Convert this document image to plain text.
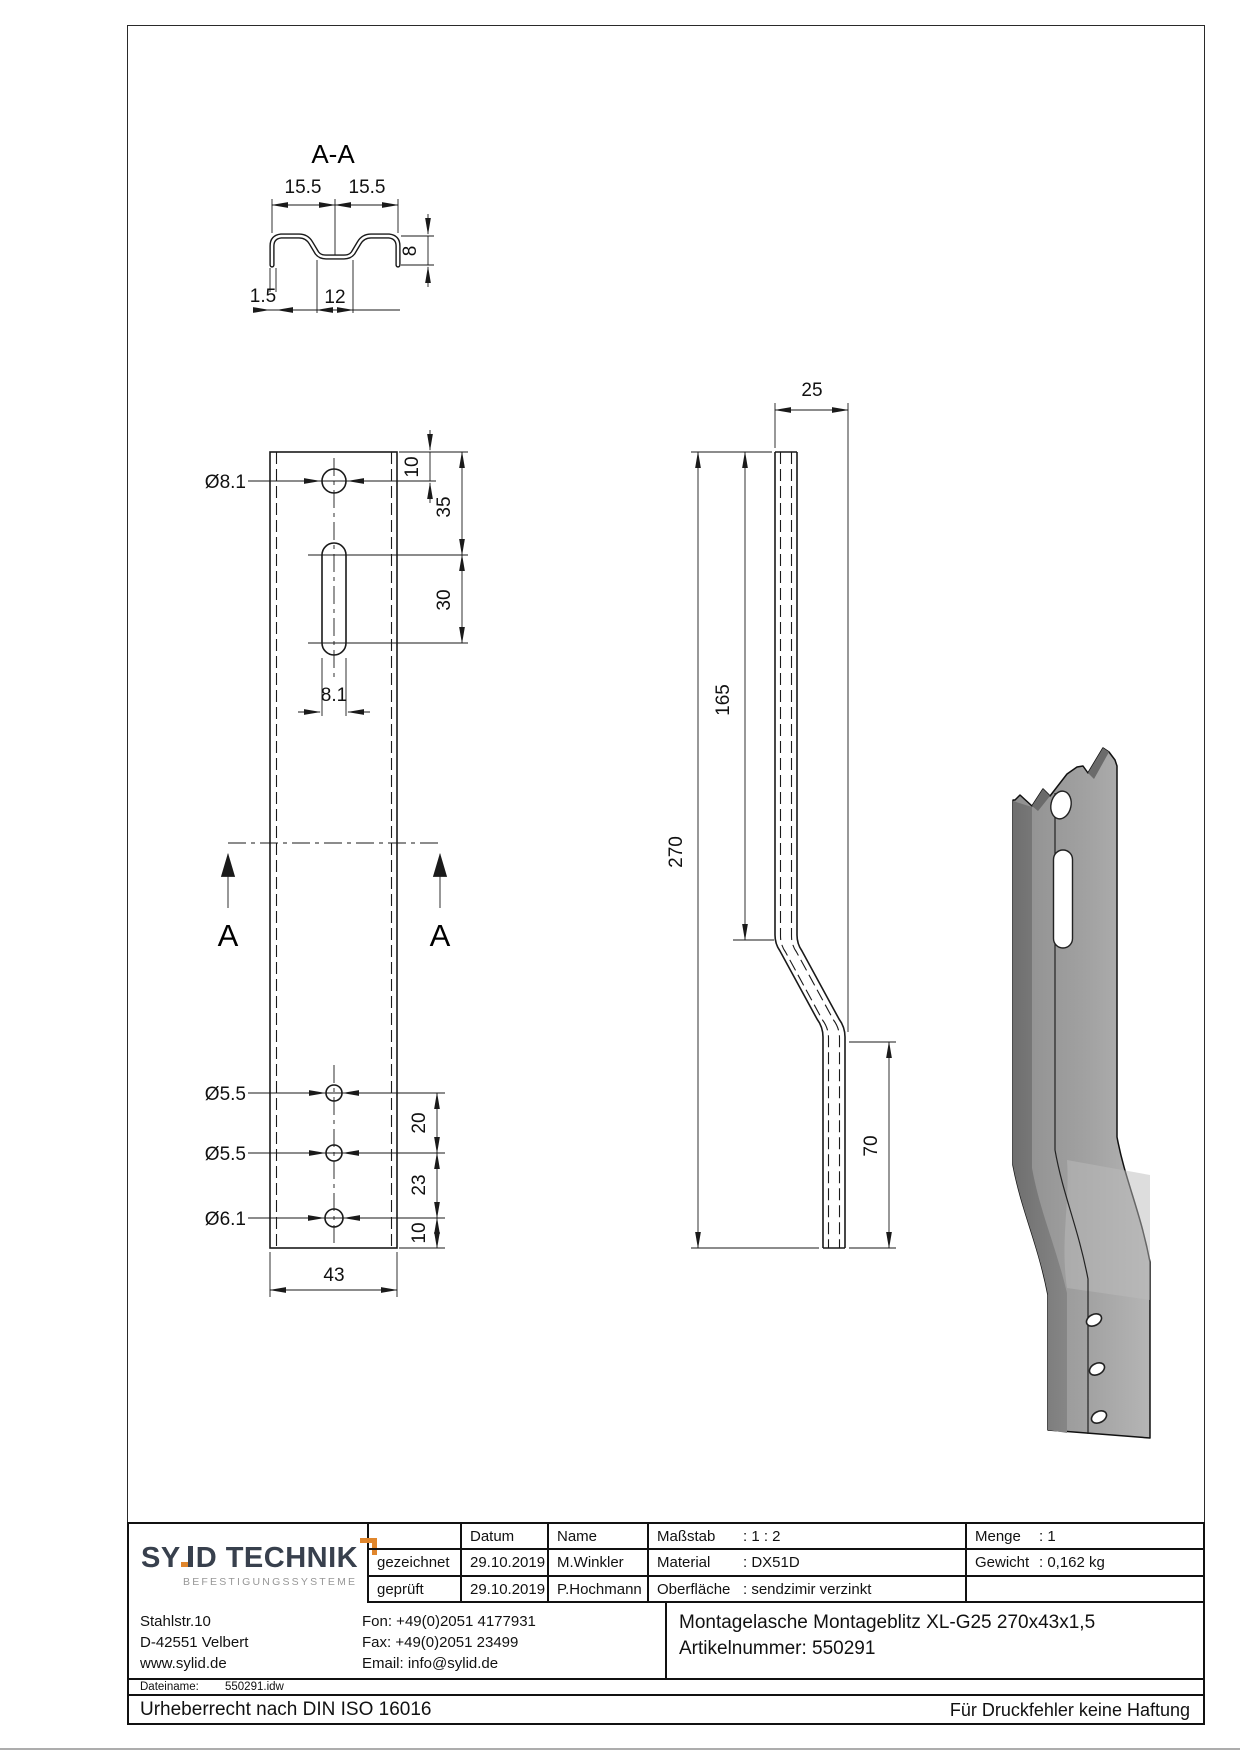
A-A
15.5 15.5
8
1.5	12
Ø8.1
8.1
10
35
30
A	A
Ø5.5
Ø5.5
Ø6.1
20
23
10
43
25
165
270
70
SY D TECHNIK
BEFESTIGUNGSSYSTEME
Datum	Name	Maßstab	: 1 : 2	Menge	: 1
gezeichnet	29.10.2019 M.Winkler	Material	: DX51D	Gewicht : 0,162 kg
geprüft	29.10.2019 P.Hochmann	Oberfläche : sendzimir verzinkt
Stahlstr.10
D-42551 Velbert
www.sylid.de
Fon: +49(0)2051 4177931
Fax: +49(0)2051 23499
Email: info@sylid.de
Montagelasche Montageblitz XL-G25 270x43x1,5
Artikelnummer: 550291
Dateiname: 550291.idw
Urheberrecht nach DIN ISO 16016	Für Druckfehler keine Haftung
